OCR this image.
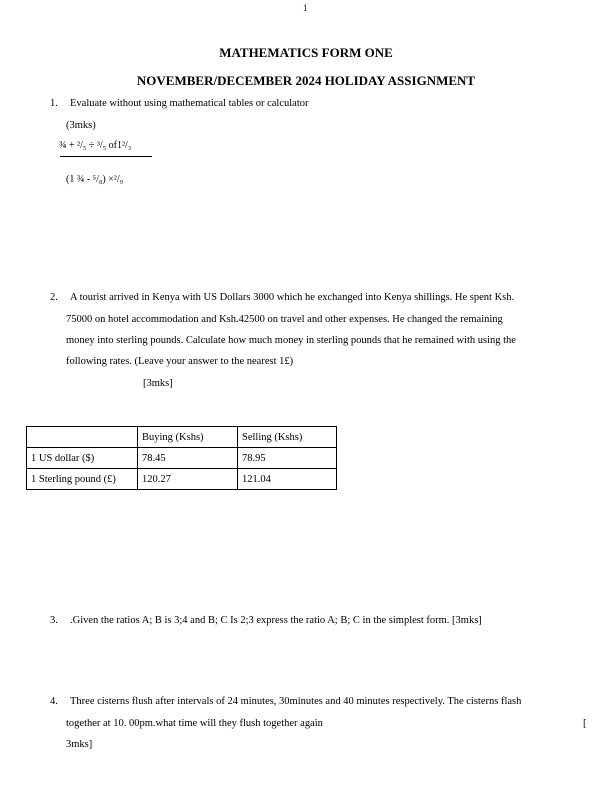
1
MATHEMATICS FORM ONE
NOVEMBER/DECEMBER 2024 HOLIDAY ASSIGNMENT
1. Evaluate without using mathematical tables or calculator
(3mks)
¾ + ²/₅ ÷ ³/₅ of1²/₃
(1 ¾ - ⁵/₈) ×²/₉
2. A tourist arrived in Kenya with US Dollars 3000 which he exchanged into Kenya shillings. He spent Ksh.
75000 on hotel accommodation and Ksh.42500 on travel and other expenses. He changed the remaining
money into sterling pounds. Calculate how much money in sterling pounds that he remained with using the
following rates. (Leave your answer to the nearest 1£)
[3mks]
	Buying (Kshs)	Selling (Kshs)
1 US dollar ($)	78.45	78.95
1 Sterling pound (£)	120.27	121.04
3. .Given the ratios A; B is 3;4 and B; C Is 2;3 express the ratio A; B; C in the simplest form. [3mks]
4. Three cisterns flush after intervals of 24 minutes, 30minutes and 40 minutes respectively. The cisterns flash
together at 10. 00pm.what time will they flush together again	[
3mks]
